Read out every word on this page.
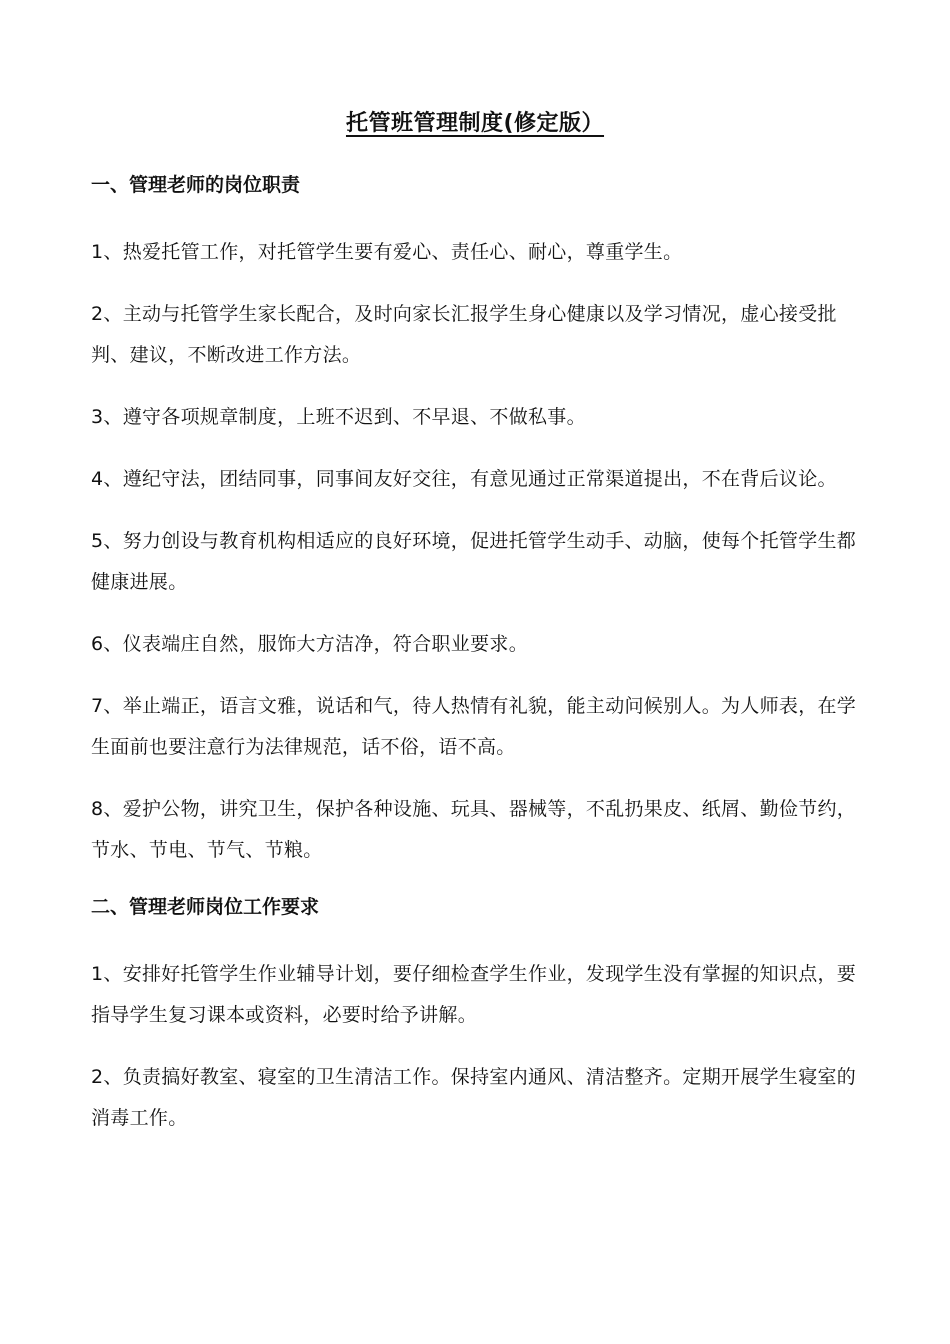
托管班管理制度(修定版）
一、管理老师的岗位职责

1、热爱托管工作，对托管学生要有爱心、责任心、耐心，尊重学生。

2、主动与托管学生家长配合，及时向家长汇报学生身心健康以及学习情况，虚心接受批判、建议，不断改进工作方法。

3、遵守各项规章制度，上班不迟到、不早退、不做私事。

4、遵纪守法，团结同事，同事间友好交往，有意见通过正常渠道提出，不在背后议论。

5、努力创设与教育机构相适应的良好环境，促进托管学生动手、动脑，使每个托管学生都健康进展。

6、仪表端庄自然，服饰大方洁净，符合职业要求。

7、举止端正，语言文雅，说话和气，待人热情有礼貌，能主动问候别人。为人师表，在学生面前也要注意行为法律规范，话不俗，语不高。

8、爱护公物，讲究卫生，保护各种设施、玩具、器械等，不乱扔果皮、纸屑、勤俭节约，节水、节电、节气、节粮。

二、管理老师岗位工作要求

1、安排好托管学生作业辅导计划，要仔细检查学生作业，发现学生没有掌握的知识点，要指导学生复习课本或资料，必要时给予讲解。

2、负责搞好教室、寝室的卫生清洁工作。保持室内通风、清洁整齐。定期开展学生寝室的消毒工作。
